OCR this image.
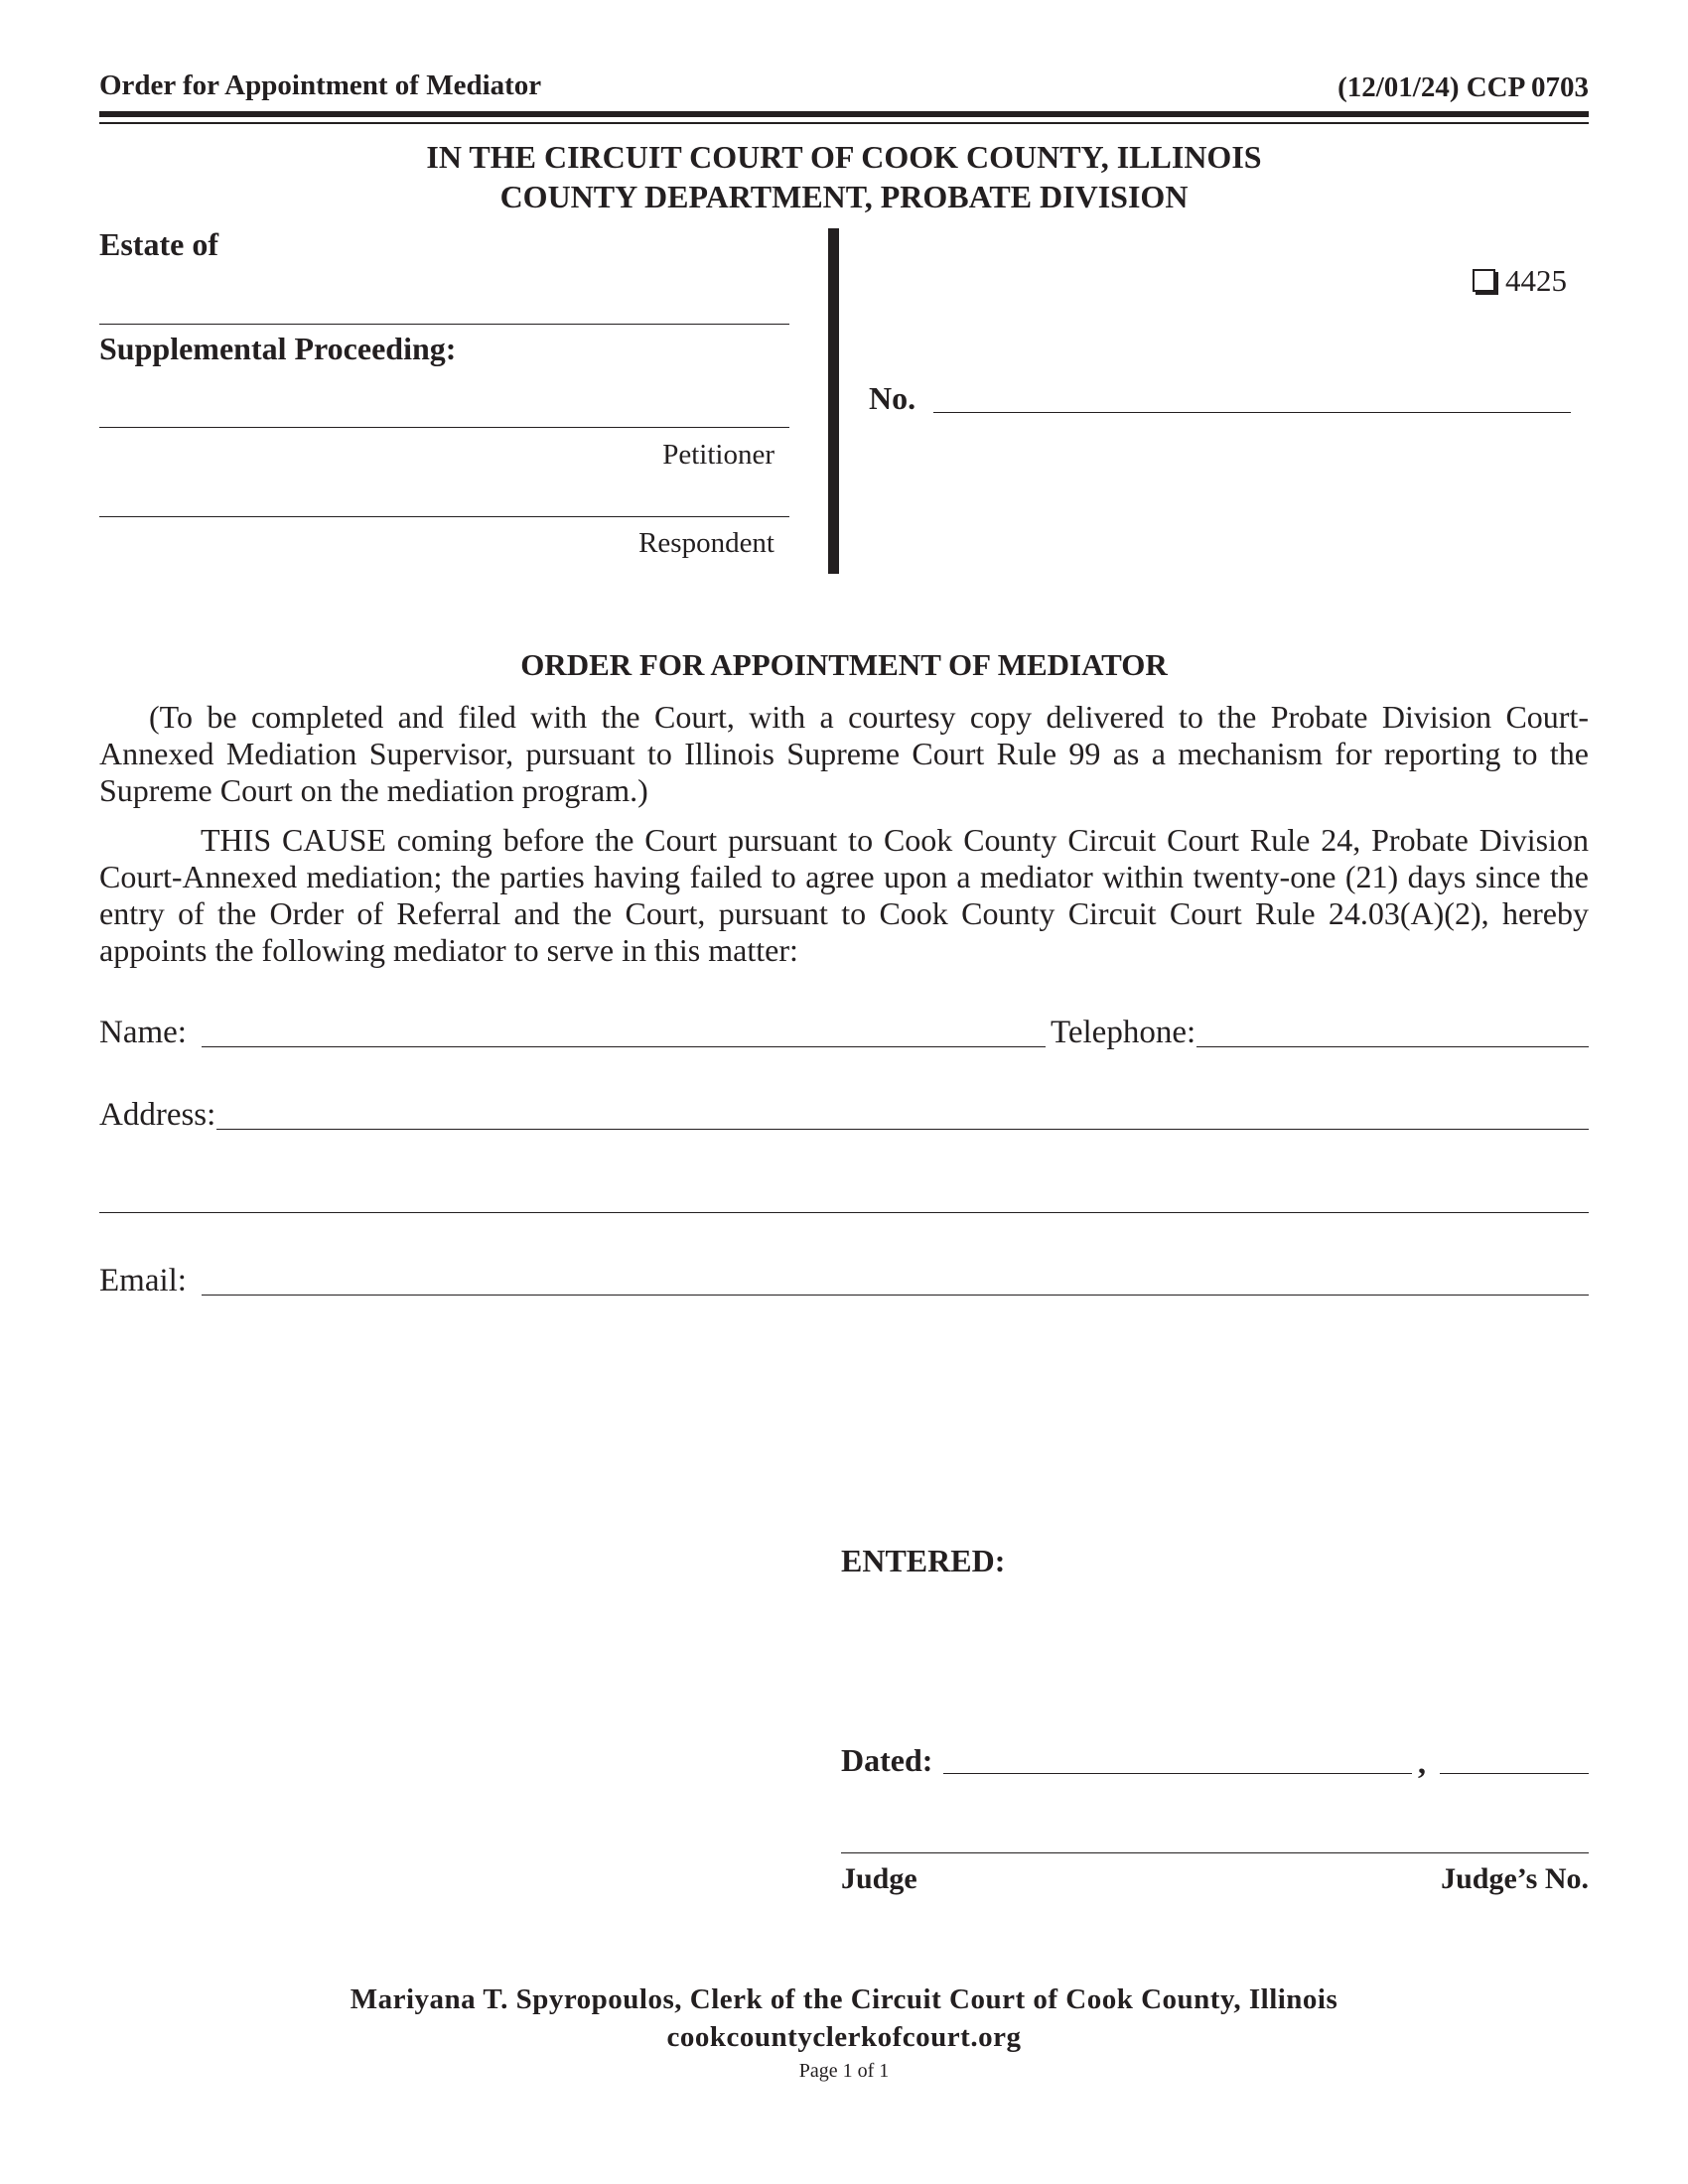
Order for Appointment of Mediator	(12/01/24) CCP 0703
IN THE CIRCUIT COURT OF COOK COUNTY, ILLINOIS
COUNTY DEPARTMENT, PROBATE DIVISION
Estate of
Supplemental Proceeding:
Petitioner
Respondent
4425
No.
ORDER FOR APPOINTMENT OF MEDIATOR
(To be completed and filed with the Court, with a courtesy copy delivered to the Probate Division Court-Annexed Mediation Supervisor, pursuant to Illinois Supreme Court Rule 99 as a mechanism for reporting to the Supreme Court on the mediation program.)
THIS CAUSE coming before the Court pursuant to Cook County Circuit Court Rule 24, Probate Division Court-Annexed mediation; the parties having failed to agree upon a mediator within twenty-one (21) days since the entry of the Order of Referral and the Court, pursuant to Cook County Circuit Court Rule 24.03(A)(2), hereby appoints the following mediator to serve in this matter:
Name:	Telephone:
Address:
Email:
ENTERED:
Dated:	,
Judge	Judge’s No.
Mariyana T. Spyropoulos, Clerk of the Circuit Court of Cook County, Illinois
cookcountyclerkofcourt.org
Page 1 of 1
